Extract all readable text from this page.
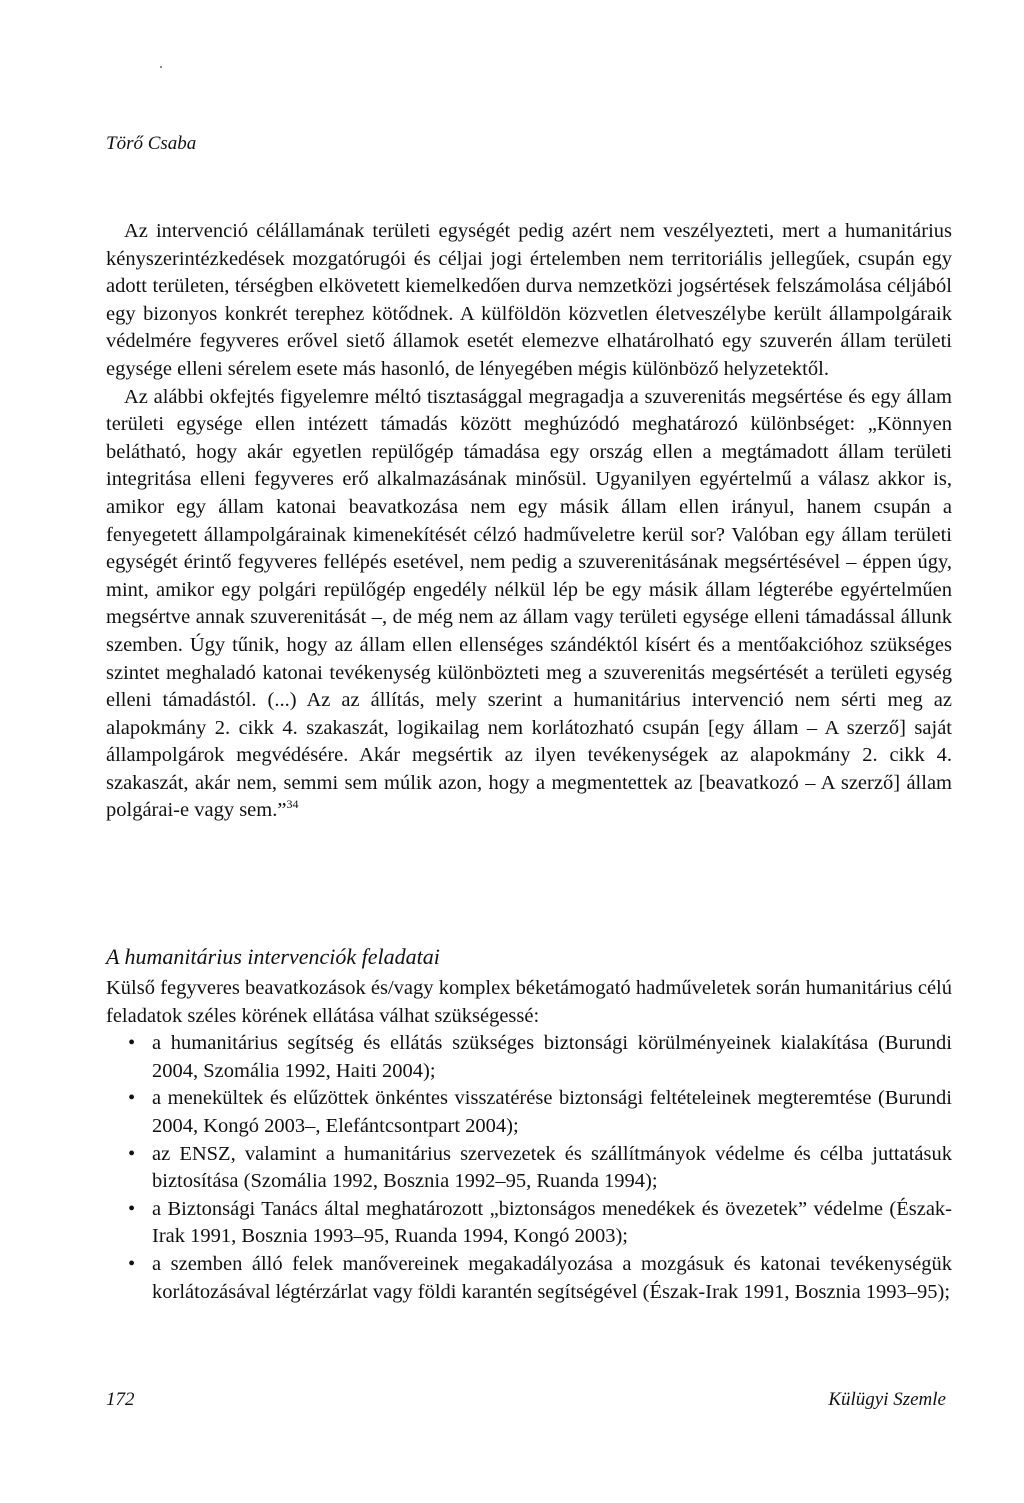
Törő Csaba

Az intervenció célállamának területi egységét pedig azért nem veszélyezteti, mert a humanitárius kényszerintézkedések mozgatórugói és céljai jogi értelemben nem territoriális jellegűek, csupán egy adott területen, térségben elkövetett kiemelkedően durva nemzetközi jogsértések felszámolása céljából egy bizonyos konkrét terephez kötődnek. A külföldön közvetlen életveszélybe került állampolgáraik védelmére fegyveres erővel siető államok esetét elemezve elhatárolható egy szuverén állam területi egysége elleni sérelem esete más hasonló, de lényegében mégis különböző helyzetektől.

Az alábbi okfejtés figyelemre méltó tisztasággal megragadja a szuverenitás megsértése és egy állam területi egysége ellen intézett támadás között meghúzódó meghatározó különbséget: „Könnyen belátható, hogy akár egyetlen repülőgép támadása egy ország ellen a megtámadott állam területi integritása elleni fegyveres erő alkalmazásának minősül. Ugyanilyen egyértelmű a válasz akkor is, amikor egy állam katonai beavatkozása nem egy másik állam ellen irányul, hanem csupán a fenyegetett állampolgárainak kimenekítését célzó hadműveletre kerül sor? Valóban egy állam területi egységét érintő fegyveres fellépés esetével, nem pedig a szuverenitásának megsértésével – éppen úgy, mint, amikor egy polgári repülőgép engedély nélkül lép be egy másik állam légterébe egyértelműen megsértve annak szuverenitását –, de még nem az állam vagy területi egysége elleni támadással állunk szemben. Úgy tűnik, hogy az állam ellen ellenséges szándéktól kísért és a mentőakcióhoz szükséges szintet meghaladó katonai tevékenység különbözteti meg a szuverenitás megsértését a területi egység elleni támadástól. (...) Az az állítás, mely szerint a humanitárius intervenció nem sérti meg az alapokmány 2. cikk 4. szakaszát, logikailag nem korlátozható csupán [egy állam – A szerző] saját állampolgárok megvédésére. Akár megsértik az ilyen tevékenységek az alapokmány 2. cikk 4. szakaszát, akár nem, semmi sem múlik azon, hogy a megmentettek az [beavatkozó – A szerző] állam polgárai-e vagy sem.”$^{34}$

A humanitárius intervenciók feladatai

Külső fegyveres beavatkozások és/vagy komplex béketámogató hadműveletek során humanitárius célú feladatok széles körének ellátása válhat szükségessé:

• a humanitárius segítség és ellátás szükséges biztonsági körülményeinek kialakítása (Burundi 2004, Szomália 1992, Haiti 2004);
• a menekültek és elűzöttek önkéntes visszatérése biztonsági feltételeinek megteremtése (Burundi 2004, Kongó 2003–, Elefántcsontpart 2004);
• az ENSZ, valamint a humanitárius szervezetek és szállítmányok védelme és célba juttatásuk biztosítása (Szomália 1992, Bosznia 1992–95, Ruanda 1994);
• a Biztonsági Tanács által meghatározott „biztonságos menedékek és övezetek” védelme (Észak-Irak 1991, Bosznia 1993–95, Ruanda 1994, Kongó 2003);
• a szemben álló felek manővereinek megakadályozása a mozgásuk és katonai tevékenységük korlátozásával légtérzárlat vagy földi karantén segítségével (Észak-Irak 1991, Bosznia 1993–95);
172	Külügyi Szemle
